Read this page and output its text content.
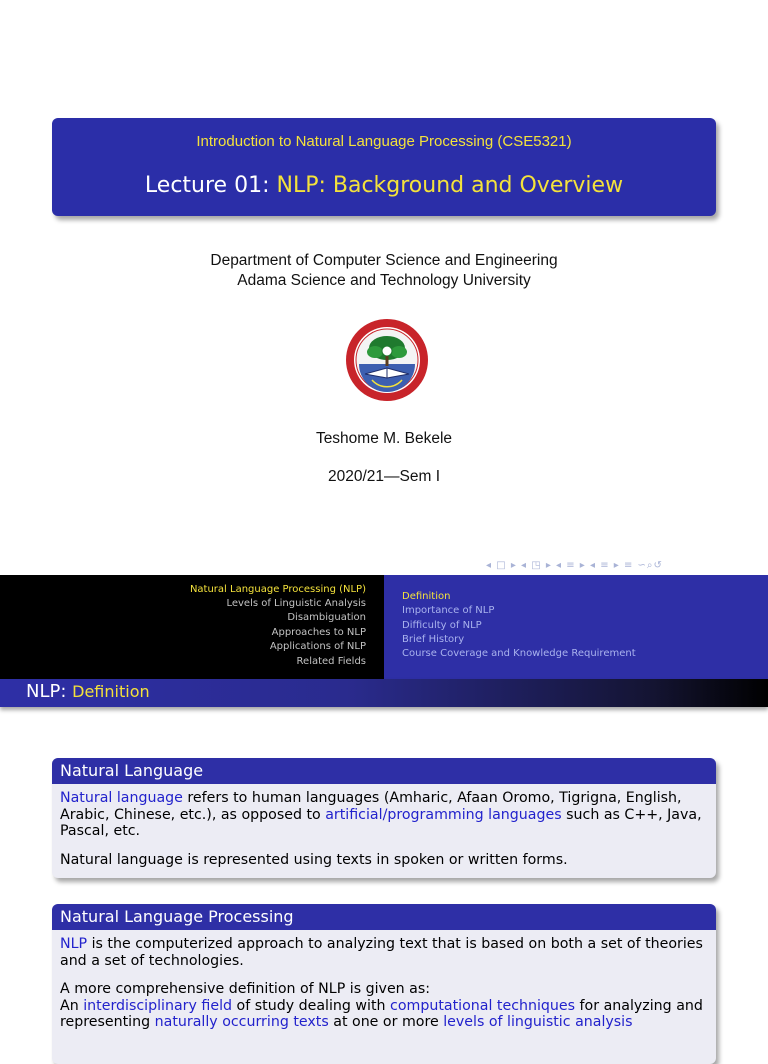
Introduction to Natural Language Processing (CSE5321)
Lecture 01: NLP: Background and Overview
Department of Computer Science and Engineering
Adama Science and Technology University
Teshome M. Bekele
2020/21—Sem I
◂ □ ▸ ◂ ◳ ▸ ◂ ≡ ▸ ◂ ≡ ▸ ≡ ∽⌕↺
Natural Language Processing (NLP)
Levels of Linguistic Analysis
Disambiguation
Approaches to NLP
Applications of NLP
Related Fields
Definition
Importance of NLP
Difficulty of NLP
Brief History
Course Coverage and Knowledge Requirement
NLP: Definition
Natural Language

Natural language refers to human languages (Amharic, Afaan Oromo, Tigrigna, English, Arabic, Chinese, etc.), as opposed to artificial/programming languages such as C++, Java, Pascal, etc.

Natural language is represented using texts in spoken or written forms.

Natural Language Processing

NLP is the computerized approach to analyzing text that is based on both a set of theories and a set of technologies.

A more comprehensive definition of NLP is given as:
An interdisciplinary field of study dealing with computational techniques for analyzing and representing naturally occurring texts at one or more levels of linguistic analysis
